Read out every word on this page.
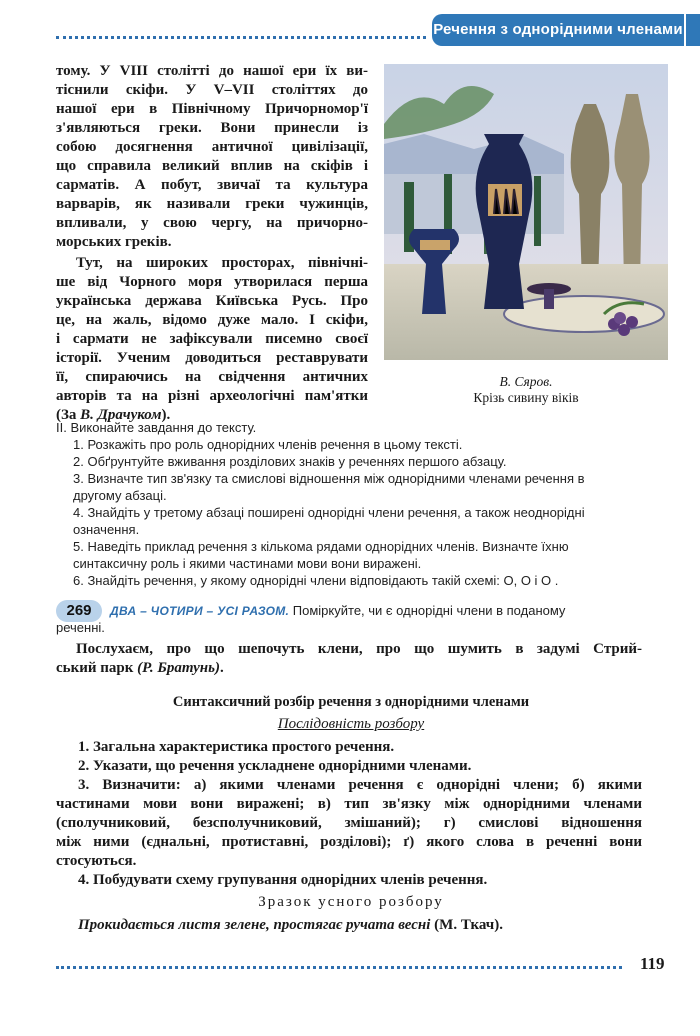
Речення з однорідними членами
тому. У VIII столітті до нашої ери їх ви-
тіснили скіфи. У V–VII століттях до
нашої ери в Північному Причорномор'ї
з'являються греки. Вони принесли із
собою досягнення античної цивілізації,
що справила великий вплив на скіфів і
сарматів. А побут, звичаї та культура
варварів, як називали греки чужинців,
впливали, у свою чергу, на причорно-
морських греків.
Тут, на широких просторах, північні-
ше від Чорного моря утворилася перша
українська держава Київська Русь. Про
це, на жаль, відомо дуже мало. І скіфи,
і сармати не зафіксували писемно своєї
історії. Ученим доводиться реставрувати
її, спираючись на свідчення античних
авторів та на різні археологічні пам'ятки
(За В. Драчуком).
В. Сяров.
Крізь сивину віків
II. Виконайте завдання до тексту.
1. Розкажіть про роль однорідних членів речення в цьому тексті.
2. Обґрунтуйте вживання розділових знаків у реченнях першого абзацу.
3. Визначте тип зв'язку та смислові відношення між однорідними членами речення в
другому абзаці.
4. Знайдіть у третому абзаці поширені однорідні члени речення, а також неоднорідні
означення.
5. Наведіть приклад речення з кількома рядами однорідних членів. Визначте їхню
синтаксичну роль і якими частинами мови вони виражені.
6. Знайдіть речення, у якому однорідні члени відповідають такій схемі: О, О і О .
269	ДВА – ЧОТИРИ – УСІ РАЗОМ. Поміркуйте, чи є однорідні члени в поданому
реченні.
Послухаєм, про що шепочуть клени, про що шумить в задумі Стрий-
ський парк (Р. Братунь).
Синтаксичний розбір речення з однорідними членами
Послідовність розбору
1. Загальна характеристика простого речення.
2. Указати, що речення ускладнене однорідними членами.
3. Визначити: а) якими членами речення є однорідні члени; б) якими
частинами мови вони виражені; в) тип зв'язку між однорідними членами
(сполучниковий, безсполучниковий, змішаний); г) смислові відношення
між ними (єднальні, протиставні, розділові); ґ) якого слова в реченні вони
стосуються.
4. Побудувати схему групування однорідних членів речення.
Зразок усного розбору
Прокидається листя зелене, простягає ручата весні (М. Ткач).
119
